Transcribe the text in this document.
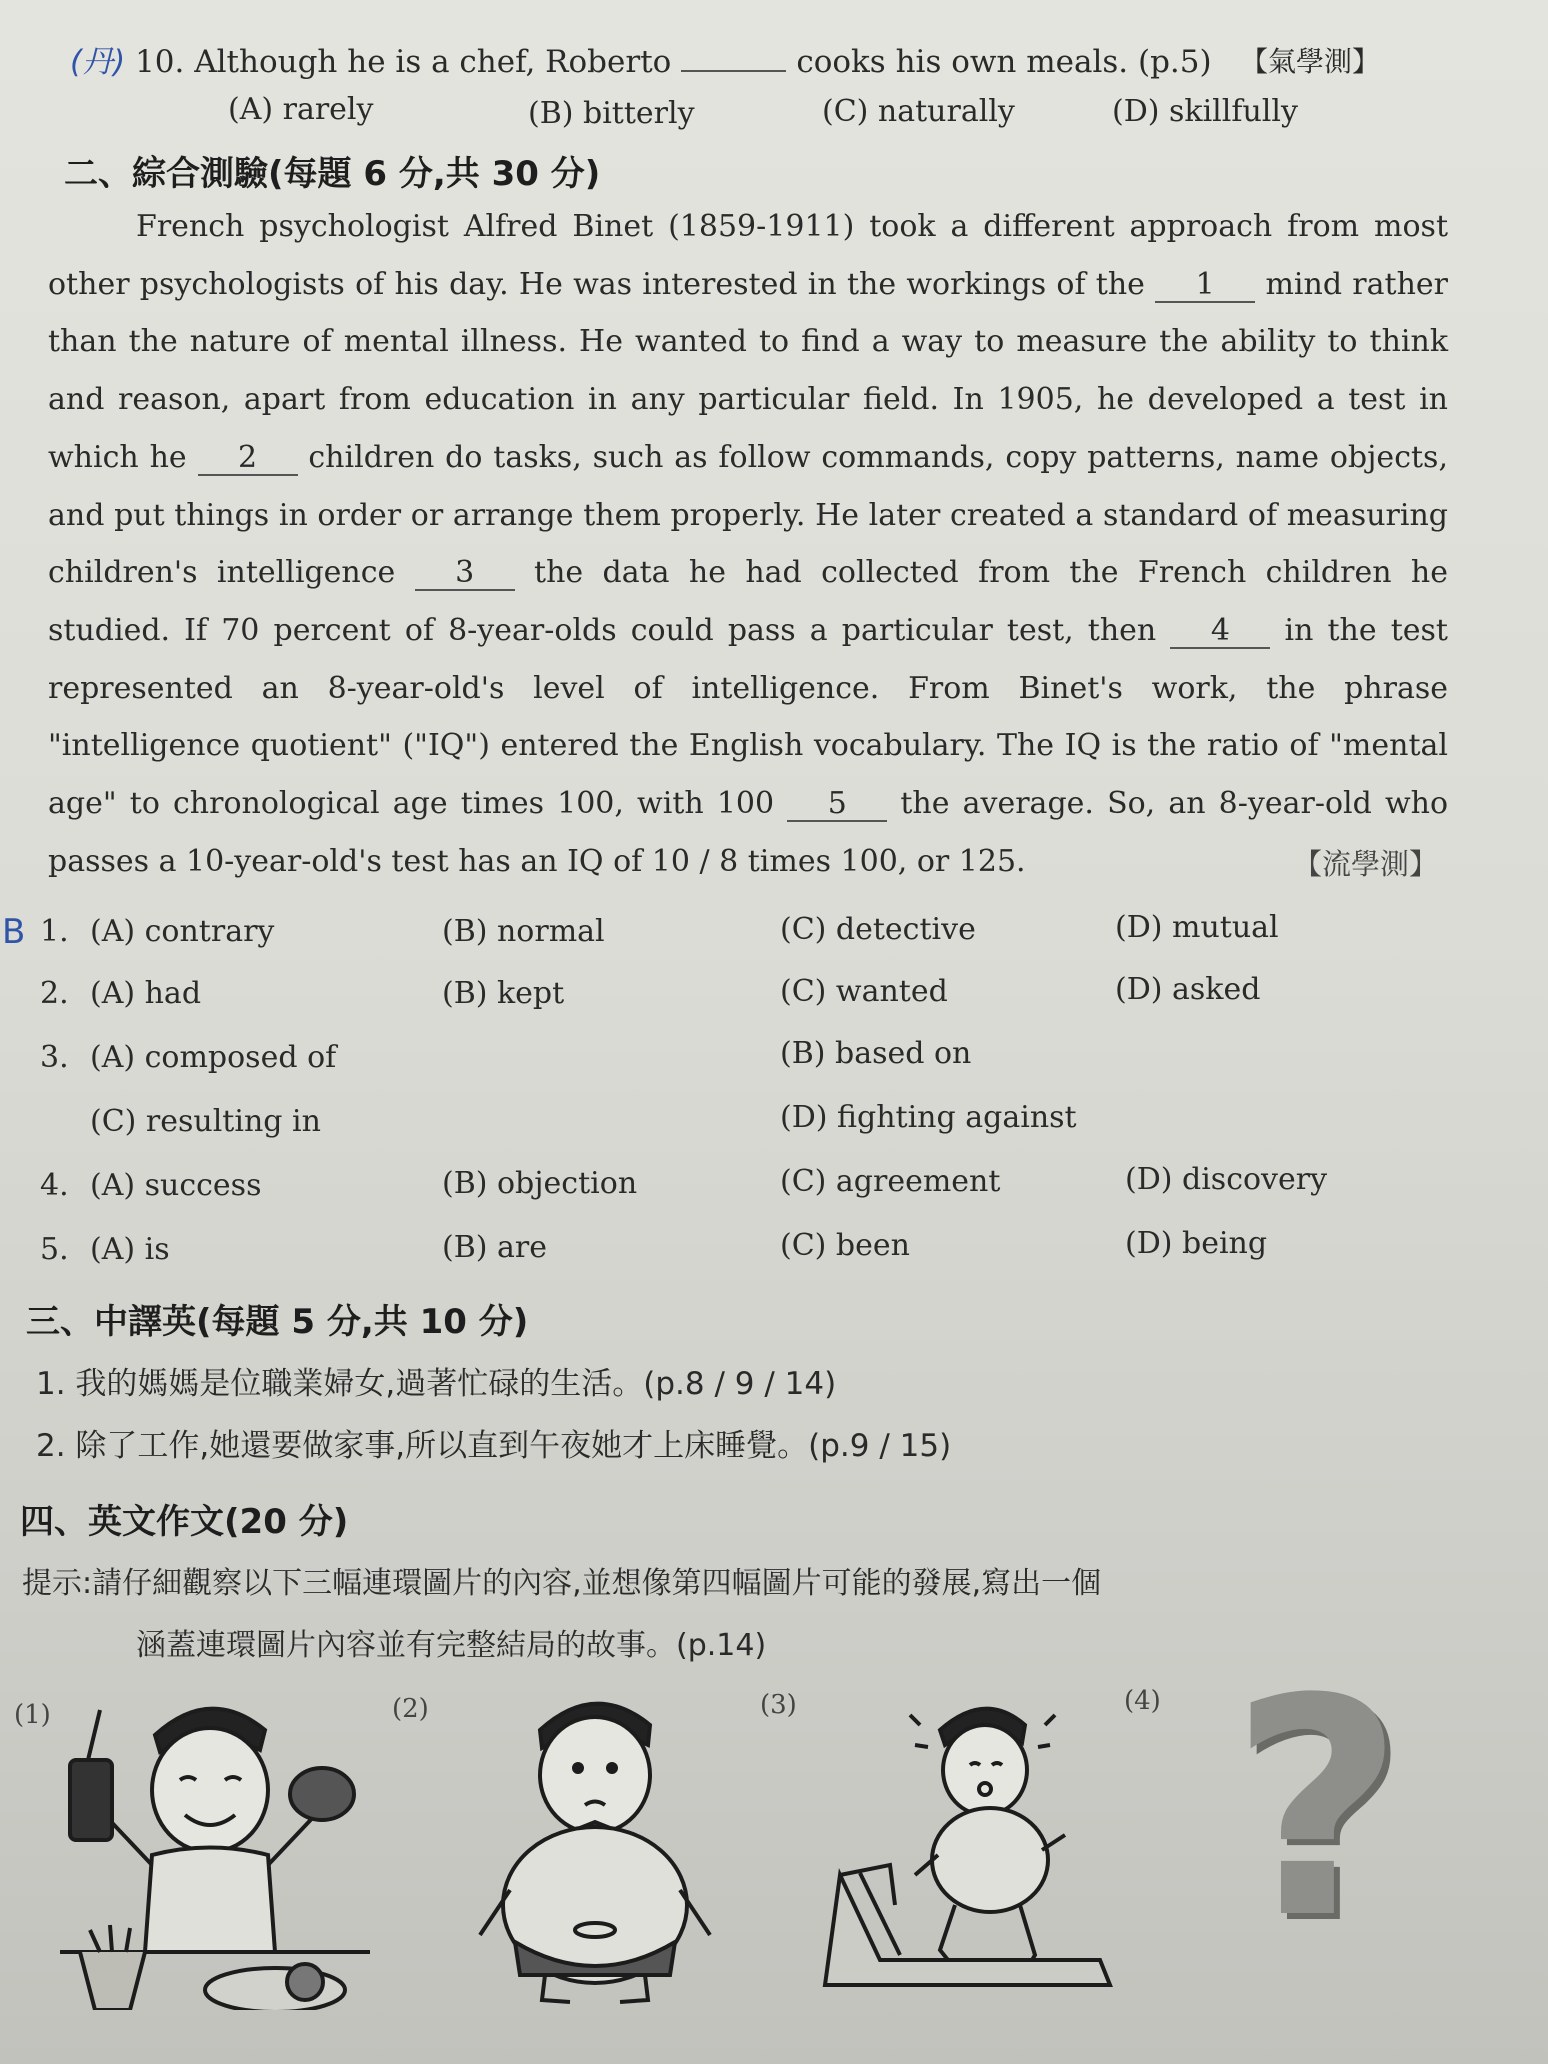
(丹) 10. Although he is a chef, Roberto	cooks his own meals. (p.5) 【氣學測】
(A) rarely	(B) bitterly	(C) naturally	(D) skillfully
二、綜合測驗(每題 6 分,共 30 分)

French psychologist Alfred Binet (1859-1911) took a different approach from most other psychologists of his day. He was interested in the workings of the 1 mind rather than the nature of mental illness. He wanted to find a way to measure the ability to think and reason, apart from education in any particular field. In 1905, he developed a test in which he 2 children do tasks, such as follow commands, copy patterns, name objects, and put things in order or arrange them properly. He later created a standard of measuring children's intelligence 3 the data he had collected from the French children he studied. If 70 percent of 8-year-olds could pass a particular test, then 4 in the test represented an 8-year-old's level of intelligence. From Binet's work, the phrase "intelligence quotient" ("IQ") entered the English vocabulary. The IQ is the ratio of "mental age" to chronological age times 100, with 100 5 the average. So, an 8-year-old who passes a 10-year-old's test has an IQ of 10 / 8 times 100, or 125.	【流學測】
B 1. (A) contrary	(B) normal	(C) detective	(D) mutual
2. (A) had	(B) kept	(C) wanted	(D) asked
3. (A) composed of	(B) based on
(C) resulting in	(D) fighting against
4. (A) success	(B) objection	(C) agreement	(D) discovery
5. (A) is	(B) are	(C) been	(D) being
三、中譯英(每題 5 分,共 10 分)
1. 我的媽媽是位職業婦女,過著忙碌的生活。(p.8 / 9 / 14)
2. 除了工作,她還要做家事,所以直到午夜她才上床睡覺。(p.9 / 15)
四、英文作文(20 分)
提示:請仔細觀察以下三幅連環圖片的內容,並想像第四幅圖片可能的發展,寫出一個
涵蓋連環圖片內容並有完整結局的故事。(p.14)
(1)	(2)	(3)	(4) ?
